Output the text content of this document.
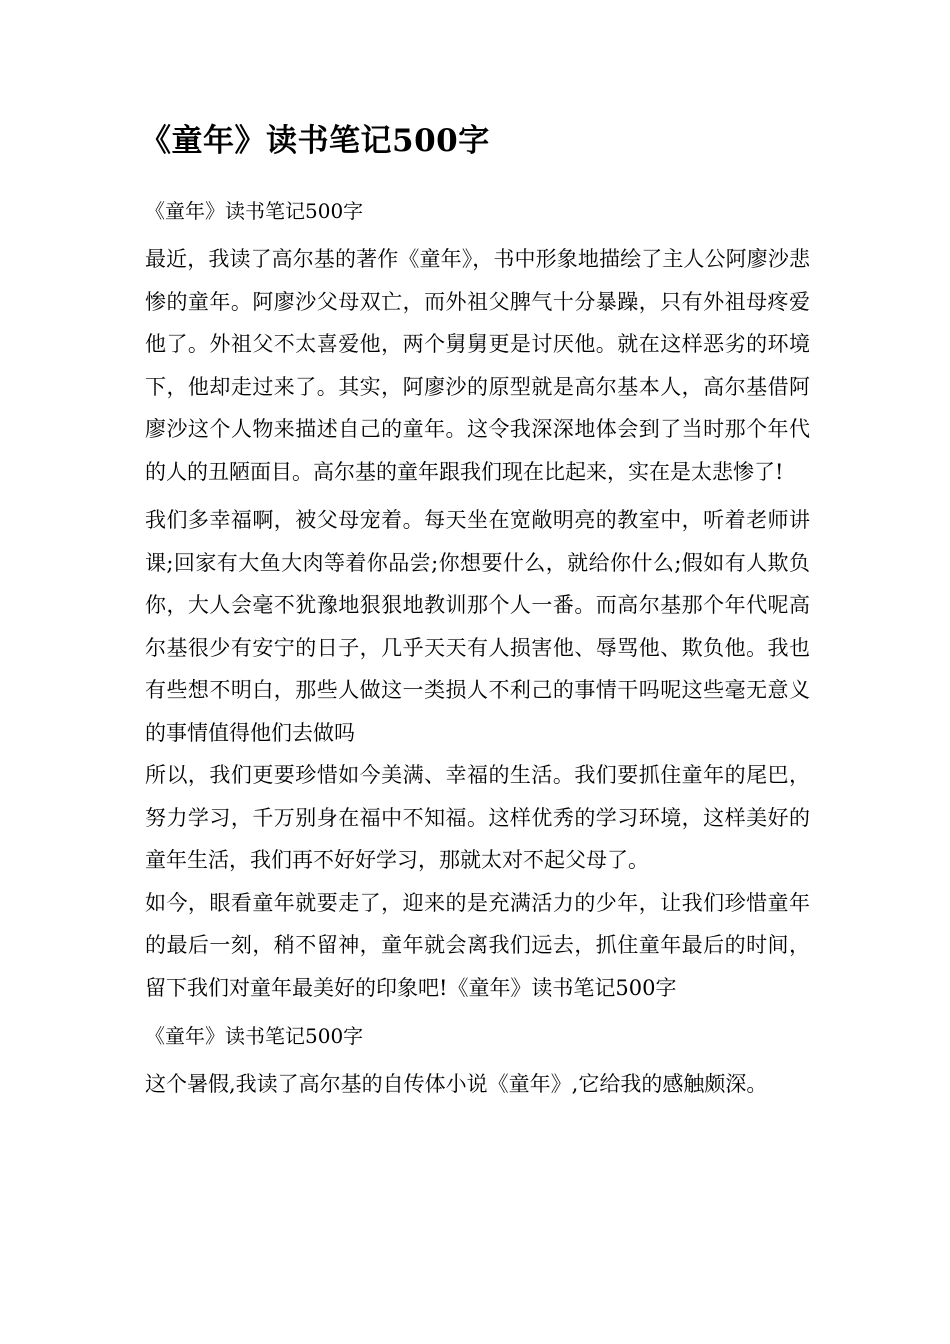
《童年》读书笔记500字

《童年》读书笔记500字

最近，我读了高尔基的著作《童年》，书中形象地描绘了主人公阿廖沙悲惨的童年。阿廖沙父母双亡，而外祖父脾气十分暴躁，只有外祖母疼爱他了。外祖父不太喜爱他，两个舅舅更是讨厌他。就在这样恶劣的环境下，他却走过来了。其实，阿廖沙的原型就是高尔基本人，高尔基借阿廖沙这个人物来描述自己的童年。这令我深深地体会到了当时那个年代的人的丑陋面目。高尔基的童年跟我们现在比起来，实在是太悲惨了!

我们多幸福啊，被父母宠着。每天坐在宽敞明亮的教室中，听着老师讲课;回家有大鱼大肉等着你品尝;你想要什么，就给你什么;假如有人欺负你，大人会毫不犹豫地狠狠地教训那个人一番。而高尔基那个年代呢高尔基很少有安宁的日子，几乎天天有人损害他、辱骂他、欺负他。我也有些想不明白，那些人做这一类损人不利己的事情干吗呢这些毫无意义的事情值得他们去做吗

所以，我们更要珍惜如今美满、幸福的生活。我们要抓住童年的尾巴，努力学习，千万别身在福中不知福。这样优秀的学习环境，这样美好的童年生活，我们再不好好学习，那就太对不起父母了。

如今，眼看童年就要走了，迎来的是充满活力的少年，让我们珍惜童年的最后一刻，稍不留神，童年就会离我们远去，抓住童年最后的时间，留下我们对童年最美好的印象吧!《童年》读书笔记500字

《童年》读书笔记500字

这个暑假,我读了高尔基的自传体小说《童年》,它给我的感触颇深。
